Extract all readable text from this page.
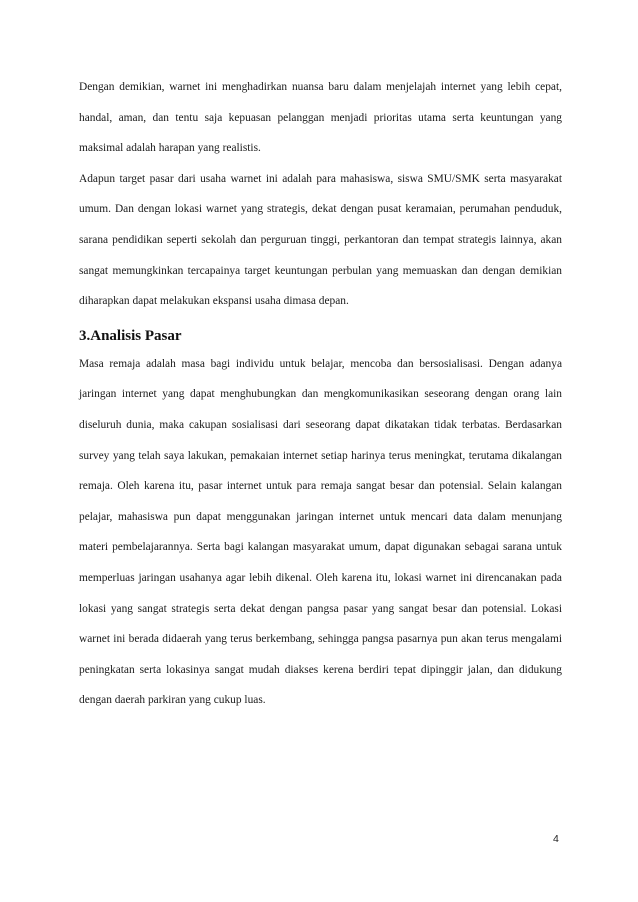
Dengan demikian, warnet ini menghadirkan nuansa baru dalam menjelajah internet yang lebih cepat, handal, aman, dan tentu saja kepuasan pelanggan menjadi prioritas utama serta keuntungan yang maksimal adalah harapan yang realistis.

Adapun target pasar dari usaha warnet ini adalah para mahasiswa, siswa SMU/SMK serta masyarakat umum. Dan dengan lokasi warnet yang strategis, dekat dengan pusat keramaian, perumahan penduduk, sarana pendidikan seperti sekolah dan perguruan tinggi, perkantoran dan tempat strategis lainnya, akan sangat memungkinkan tercapainya target keuntungan perbulan yang memuaskan dan dengan demikian diharapkan dapat melakukan ekspansi usaha dimasa depan.

3.Analisis Pasar

Masa remaja adalah masa bagi individu untuk belajar, mencoba dan bersosialisasi. Dengan adanya jaringan internet yang dapat menghubungkan dan mengkomunikasikan seseorang dengan orang lain diseluruh dunia, maka cakupan sosialisasi dari seseorang dapat dikatakan tidak terbatas. Berdasarkan survey yang telah saya lakukan, pemakaian internet setiap harinya terus meningkat, terutama dikalangan remaja. Oleh karena itu, pasar internet untuk para remaja sangat besar dan potensial. Selain kalangan pelajar, mahasiswa pun dapat menggunakan jaringan internet untuk mencari data dalam menunjang materi pembelajarannya. Serta bagi kalangan masyarakat umum, dapat digunakan sebagai sarana untuk memperluas jaringan usahanya agar lebih dikenal. Oleh karena itu, lokasi warnet ini direncanakan pada lokasi yang sangat strategis serta dekat dengan pangsa pasar yang sangat besar dan potensial. Lokasi warnet ini berada didaerah yang terus berkembang, sehingga pangsa pasarnya pun akan terus mengalami peningkatan serta lokasinya sangat mudah diakses kerena berdiri tepat dipinggir jalan, dan didukung dengan daerah parkiran yang cukup luas.

4
